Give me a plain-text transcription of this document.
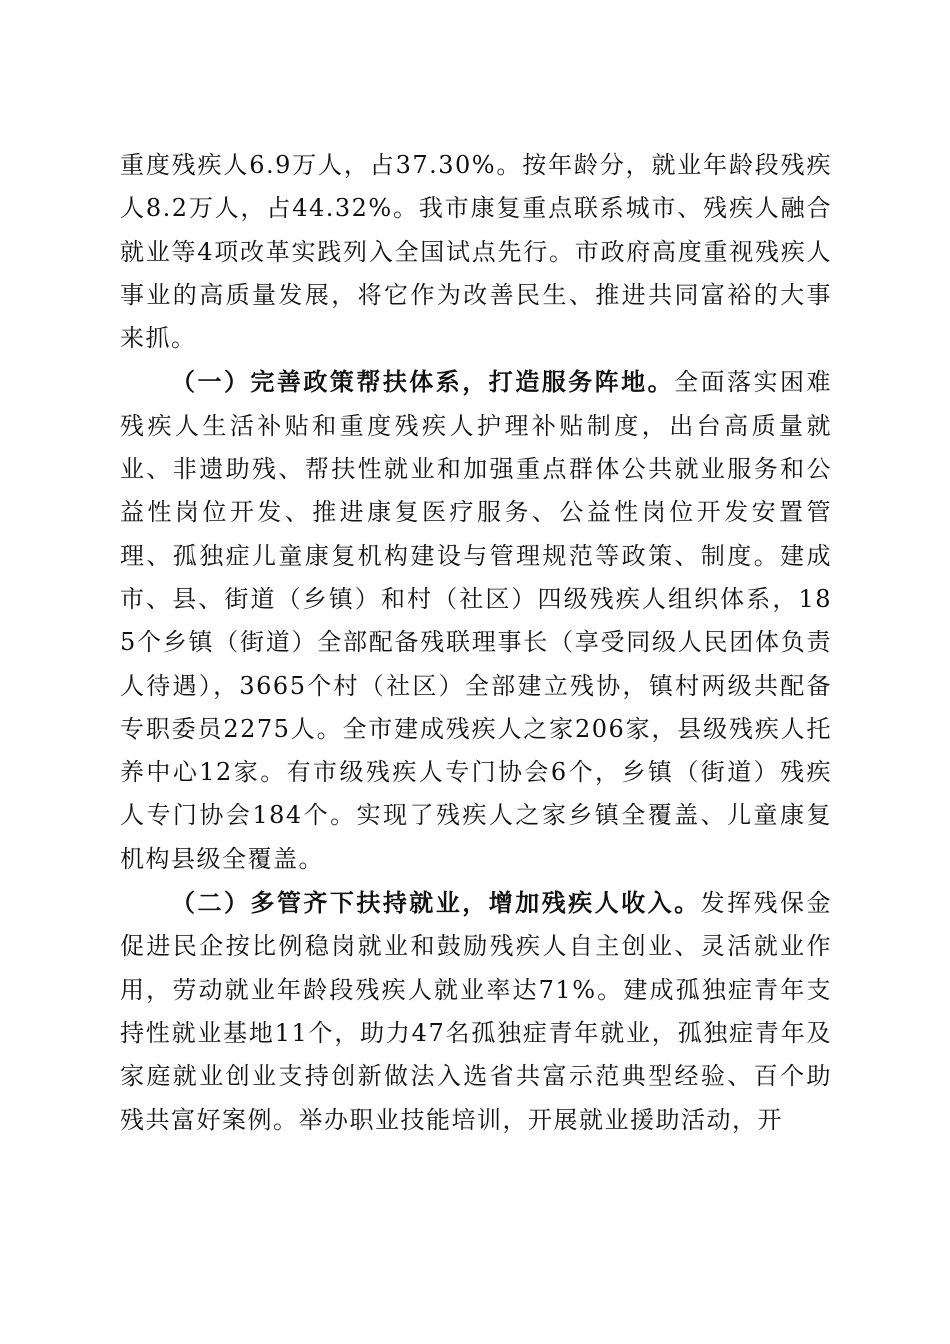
重度残疾人6.9万人，占37.30%。按年龄分，就业年龄段残疾人8.2万人，占44.32%。我市康复重点联系城市、残疾人融合就业等4项改革实践列入全国试点先行。市政府高度重视残疾人事业的高质量发展，将它作为改善民生、推进共同富裕的大事来抓。

（一）完善政策帮扶体系，打造服务阵地。全面落实困难残疾人生活补贴和重度残疾人护理补贴制度，出台高质量就业、非遗助残、帮扶性就业和加强重点群体公共就业服务和公益性岗位开发、推进康复医疗服务、公益性岗位开发安置管理、孤独症儿童康复机构建设与管理规范等政策、制度。建成市、县、街道（乡镇）和村（社区）四级残疾人组织体系，185个乡镇（街道）全部配备残联理事长（享受同级人民团体负责人待遇），3665个村（社区）全部建立残协，镇村两级共配备专职委员2275人。全市建成残疾人之家206家，县级残疾人托养中心12家。有市级残疾人专门协会6个，乡镇（街道）残疾人专门协会184个。实现了残疾人之家乡镇全覆盖、儿童康复机构县级全覆盖。

（二）多管齐下扶持就业，增加残疾人收入。发挥残保金促进民企按比例稳岗就业和鼓励残疾人自主创业、灵活就业作用，劳动就业年龄段残疾人就业率达71%。建成孤独症青年支持性就业基地11个，助力47名孤独症青年就业，孤独症青年及家庭就业创业支持创新做法入选省共富示范典型经验、百个助残共富好案例。举办职业技能培训，开展就业援助活动，开
